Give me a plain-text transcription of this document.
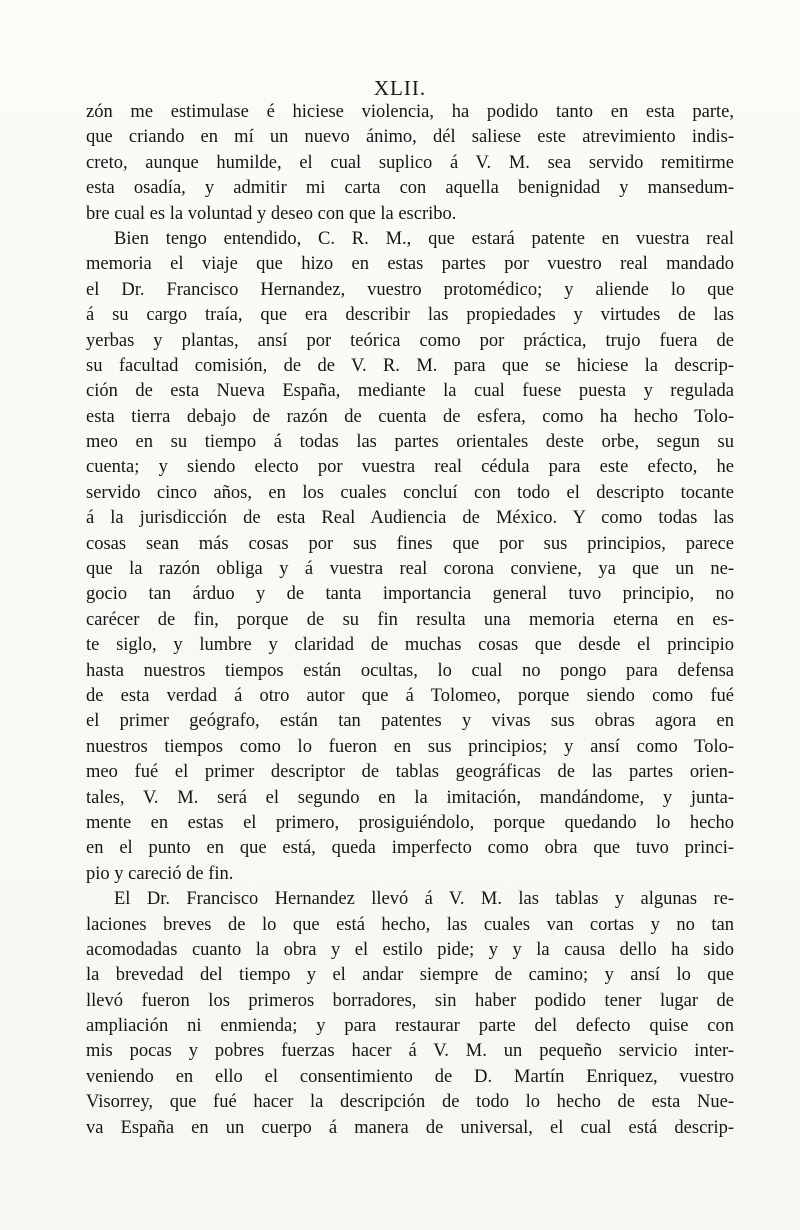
XLII.
zón me estimulase é hiciese violencia, ha podido tanto en esta parte,
que criando en mí un nuevo ánimo, dél saliese este atrevimiento indis-
creto, aunque humilde, el cual suplico á V. M. sea servido remitirme
esta osadía, y admitir mi carta con aquella benignidad y mansedum-
bre cual es la voluntad y deseo con que la escribo.
Bien tengo entendido, C. R. M., que estará patente en vuestra real
memoria el viaje que hizo en estas partes por vuestro real mandado
el Dr. Francisco Hernandez, vuestro protomédico; y aliende lo que
á su cargo traía, que era describir las propiedades y virtudes de las
yerbas y plantas, ansí por teórica como por práctica, trujo fuera de
su facultad comisión, de de V. R. M. para que se hiciese la descrip-
ción de esta Nueva España, mediante la cual fuese puesta y regulada
esta tierra debajo de razón de cuenta de esfera, como ha hecho Tolo-
meo en su tiempo á todas las partes orientales deste orbe, segun su
cuenta; y siendo electo por vuestra real cédula para este efecto, he
servido cinco años, en los cuales concluí con todo el descripto tocante
á la jurisdicción de esta Real Audiencia de México. Y como todas las
cosas sean más cosas por sus fines que por sus principios, parece
que la razón obliga y á vuestra real corona conviene, ya que un ne-
gocio tan árduo y de tanta importancia general tuvo principio, no
carécer de fin, porque de su fin resulta una memoria eterna en es-
te siglo, y lumbre y claridad de muchas cosas que desde el principio
hasta nuestros tiempos están ocultas, lo cual no pongo para defensa
de esta verdad á otro autor que á Tolomeo, porque siendo como fué
el primer geógrafo, están tan patentes y vivas sus obras agora en
nuestros tiempos como lo fueron en sus principios; y ansí como Tolo-
meo fué el primer descriptor de tablas geográficas de las partes orien-
tales, V. M. será el segundo en la imitación, mandándome, y junta-
mente en estas el primero, prosiguiéndolo, porque quedando lo hecho
en el punto en que está, queda imperfecto como obra que tuvo princi-
pio y careció de fin.
El Dr. Francisco Hernandez llevó á V. M. las tablas y algunas re-
laciones breves de lo que está hecho, las cuales van cortas y no tan
acomodadas cuanto la obra y el estilo pide; y y la causa dello ha sido
la brevedad del tiempo y el andar siempre de camino; y ansí lo que
llevó fueron los primeros borradores, sin haber podido tener lugar de
ampliación ni enmienda; y para restaurar parte del defecto quise con
mis pocas y pobres fuerzas hacer á V. M. un pequeño servicio inter-
veniendo en ello el consentimiento de D. Martín Enriquez, vuestro
Visorrey, que fué hacer la descripción de todo lo hecho de esta Nue-
va España en un cuerpo á manera de universal, el cual está descrip-
